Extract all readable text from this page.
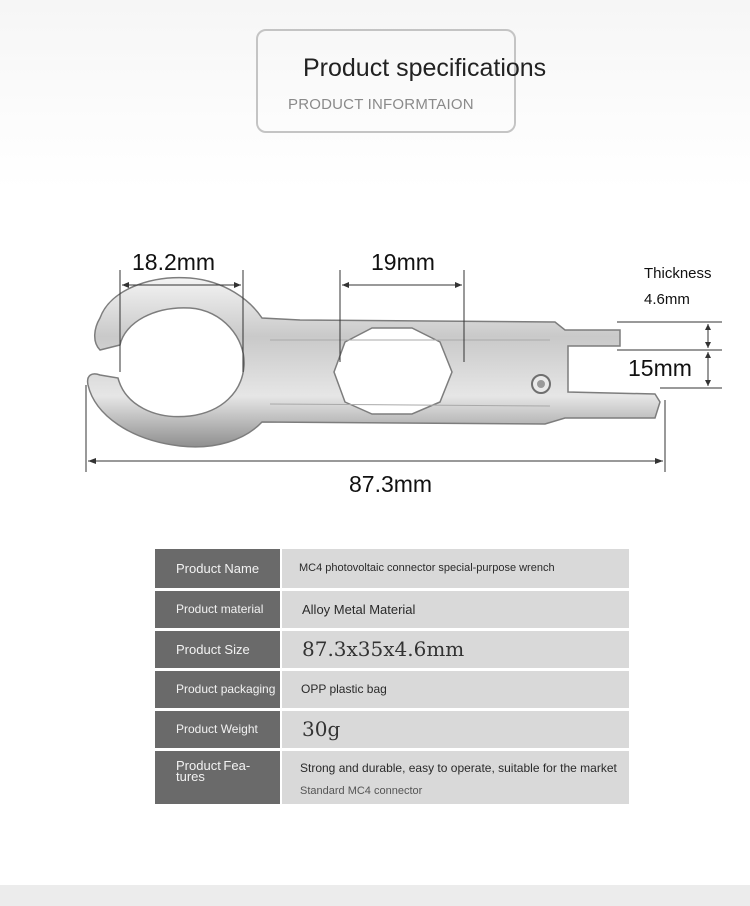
Product specifications
PRODUCT INFORMTAION
18.2mm	19mm	Thickness
4.6mm
15mm
87.3mm
Product Name	MC4 photovoltaic connector special-purpose wrench
Product material	Alloy Metal Material
Product Size	87.3x35x4.6mm
Product packaging	OPP plastic bag
Product Weight	30g
Product Fea- tures	Strong and durable, easy to operate, suitable for the market
Standard MC4 connector
